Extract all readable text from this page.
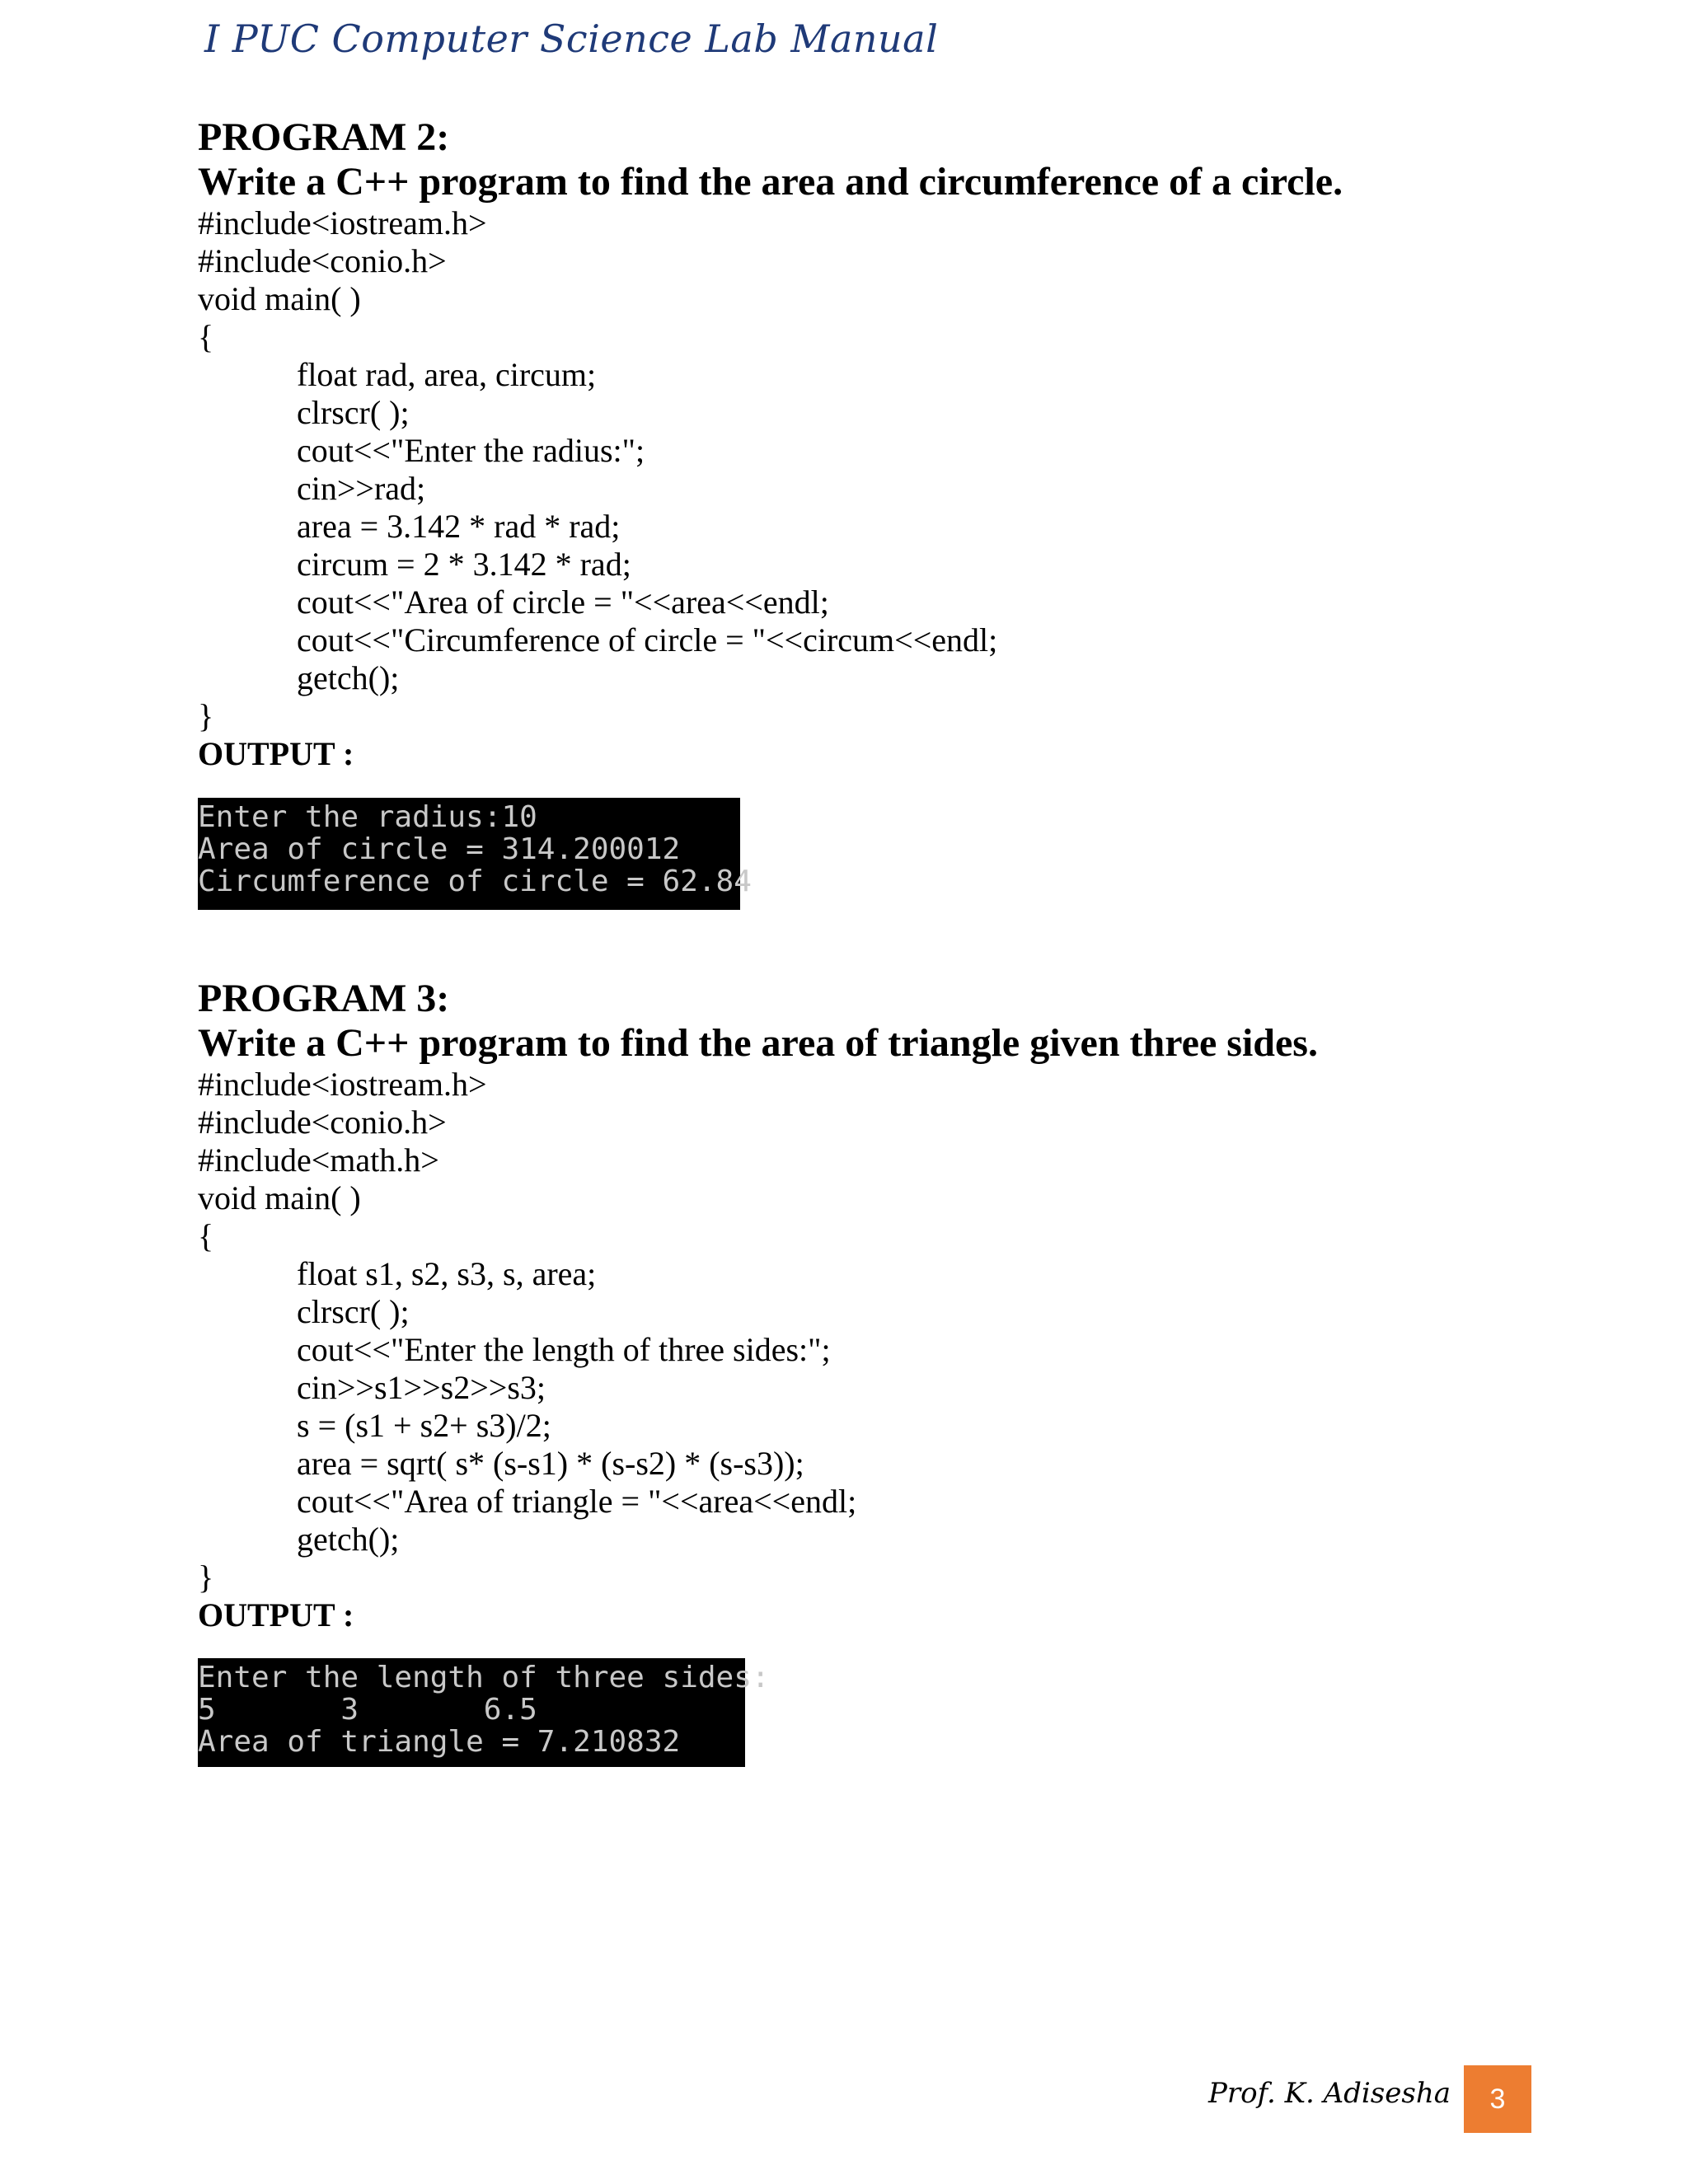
I PUC Computer Science Lab Manual

PROGRAM 2:

Write a C++ program to find the area and circumference of a circle.

#include<iostream.h>
#include<conio.h>
void main( )
{
float rad, area, circum;
clrscr( );
cout<<"Enter the radius:";
cin>>rad;
area = 3.142 * rad * rad;
circum = 2 * 3.142 * rad;
cout<<"Area of circle = "<<area<<endl;
cout<<"Circumference of circle = "<<circum<<endl;
getch();
}

OUTPUT :

Enter the radius:10
Area of circle = 314.200012
Circumference of circle = 62.84

PROGRAM 3:

Write a C++ program to find the area of triangle given three sides.

#include<iostream.h>
#include<conio.h>
#include<math.h>
void main( )
{
float s1, s2, s3, s, area;
clrscr( );
cout<<"Enter the length of three sides:";
cin>>s1>>s2>>s3;
s = (s1 + s2+ s3)/2;
area = sqrt( s* (s-s1) * (s-s2) * (s-s3));
cout<<"Area of triangle = "<<area<<endl;
getch();
}

OUTPUT :

Enter the length of three sides:
5       3       6.5
Area of triangle = 7.210832
Prof. K. Adisesha	3
